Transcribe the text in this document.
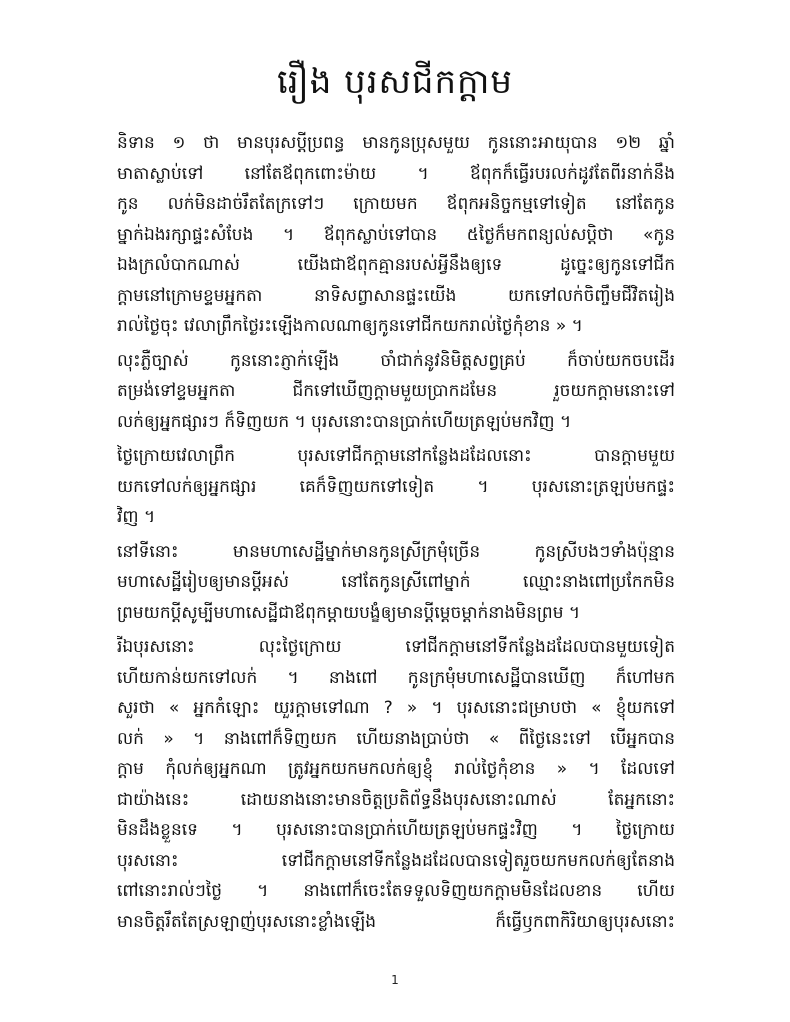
រឿង បុរសជីកក្តាម

និទាន ១ ថា មានបុរសប្តីប្រពន្ធ មានកូនប្រុសមួយ កូននោះអាយុបាន ១២ ឆ្នាំ
មាតាស្លាប់ទៅ នៅតែឪពុកពោះម៉ាយ ។ ឪពុកក៏ធ្វើរបរលក់ដូវតែពីរនាក់នឹង
កូន លក់មិនដាច់រឹតតែក្រទៅៗ ក្រោយមក ឪពុកអនិច្ចកម្មទៅទៀត នៅតែកូន
ម្នាក់ឯងរក្សាផ្ទះសំបែង ។ ឪពុកស្លាប់ទៅបាន ៥ថ្ងៃក៏មកពន្យល់សប្តិថា «កូន
ឯងក្រលំបាកណាស់ យើងជាឪពុកគ្មានរបស់អ្វីនឹងឲ្យទេ ដូច្នេះឲ្យកូនទៅជីក
ក្តាមនៅក្រោមខ្ទមអ្នកតា នាទិសព្វាសានផ្ទះយើង យកទៅលក់ចិញ្ចឹមជីវិតរៀង
រាល់ថ្ងៃចុះ វេលាព្រឹកថ្ងៃរះឡើងកាលណាឲ្យកូនទៅជីកយករាល់ថ្ងៃកុំខាន » ។

លុះភ្លឺច្បាស់ កូននោះភ្ញាក់ឡើង ចាំជាក់នូវនិមិត្តសព្វគ្រប់ ក៏ចាប់យកចបដើរ
តម្រង់ទៅខ្ទមអ្នកតា ជីកទៅឃើញក្តាមមួយប្រាកដមែន រួចយកក្តាមនោះទៅ
លក់ឲ្យអ្នកផ្សារៗ ក៏ទិញយក ។ បុរសនោះបានប្រាក់ហើយត្រឡប់មកវិញ ។

ថ្ងៃក្រោយវេលាព្រឹក បុរសទៅជីកក្តាមនៅកន្លែងដដែលនោះ បានក្តាមមួយ
យកទៅលក់ឲ្យអ្នកផ្សារ គេក៏ទិញយកទៅទៀត ។ បុរសនោះត្រឡប់មកផ្ទះ
វិញ ។

នៅទីនោះ មានមហាសេដ្ឋីម្នាក់មានកូនស្រីក្រមុំច្រើន កូនស្រីបងៗទាំងប៉ុន្មាន
មហាសេដ្ឋីរៀបឲ្យមានប្តីអស់ នៅតែកូនស្រីពៅម្នាក់ ឈ្មោះនាងពៅប្រកែកមិន
ព្រមយកប្តីសូម្បីមហាសេដ្ឋីជាឪពុកម្តាយបង្ខំឲ្យមានប្តីម្តេចម្តាក់នាងមិនព្រម ។

រីឯបុរសនោះ លុះថ្ងៃក្រោយ ទៅជីកក្តាមនៅទីកន្លែងដដែលបានមួយទៀត
ហើយកាន់យកទៅលក់ ។ នាងពៅ កូនក្រមុំមហាសេដ្ឋីបានឃើញ ក៏ហៅមក
សួរថា « អ្នកកំឡោះ យួរក្តាមទៅណា ? » ។ បុរសនោះជម្រាបថា « ខ្ញុំយកទៅ
លក់ » ។ នាងពៅក៏ទិញយក ហើយនាងប្រាប់ថា « ពីថ្ងៃនេះទៅ បើអ្នកបាន
ក្តាម កុំលក់ឲ្យអ្នកណា ត្រូវអ្នកយកមកលក់ឲ្យខ្ញុំ រាល់ថ្ងៃកុំខាន » ។ ដែលទៅ
ជាយ៉ាងនេះ ដោយនាងនោះមានចិត្តប្រតិព័ទ្ធនឹងបុរសនោះណាស់ តែអ្នកនោះ
មិនដឹងខ្លួនទេ ។ បុរសនោះបានប្រាក់ហើយត្រឡប់មកផ្ទះវិញ ។ ថ្ងៃក្រោយ
បុរសនោះ ទៅជីកក្តាមនៅទីកន្លែងដដែលបានទៀតរួចយកមកលក់ឲ្យតែនាង
ពៅនោះរាល់ៗថ្ងៃ ។ នាងពៅក៏ចេះតែទទួលទិញយកក្តាមមិនដែលខាន ហើយ
មានចិត្តរឹតតែស្រឡាញ់បុរសនោះខ្លាំងឡើង ក៏ធ្វើឫកពាកិរិយាឲ្យបុរសនោះ

1
